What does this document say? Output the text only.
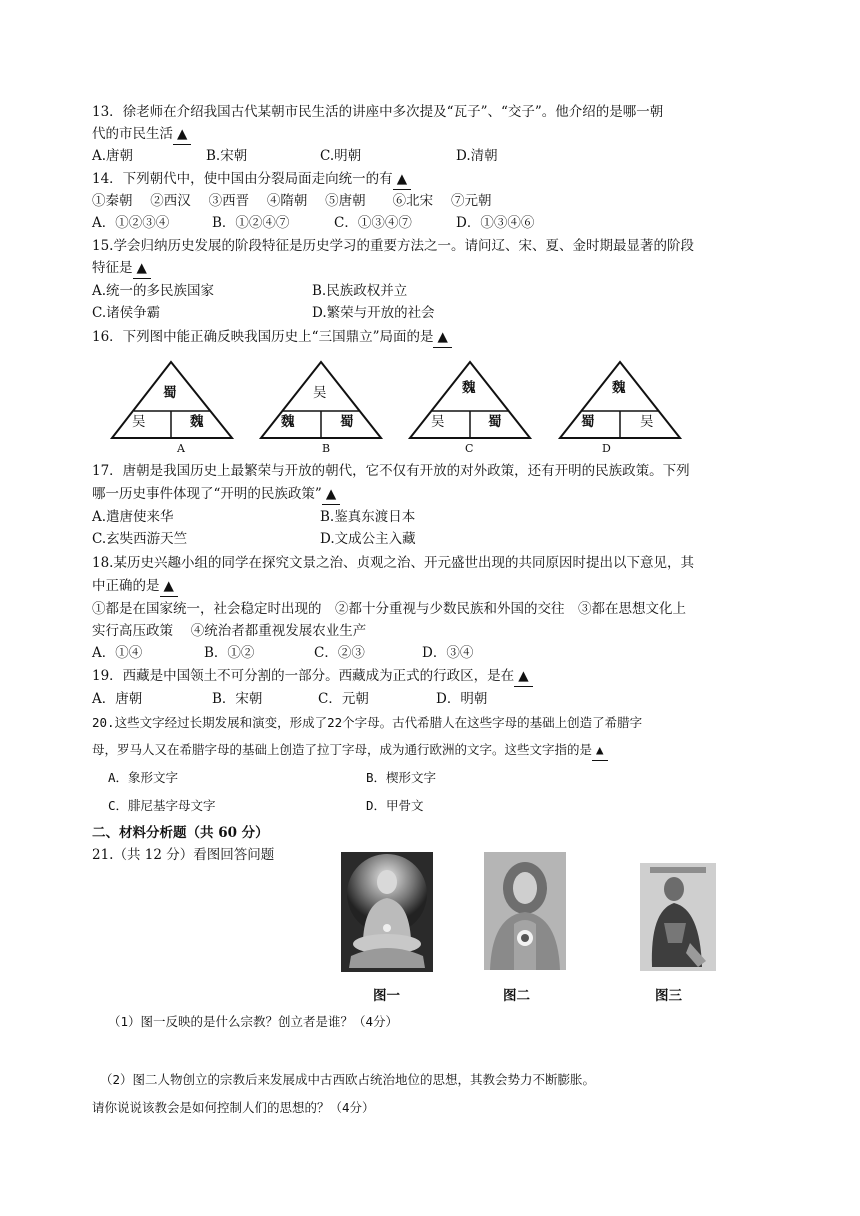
13．徐老师在介绍我国古代某朝市民生活的讲座中多次提及“瓦子”、“交子”。他介绍的是哪一朝
代的市民生活 ▲
A.唐朝	B.宋朝	C.明朝	D.清朝
14．下列朝代中，使中国由分裂局面走向统一的有 ▲
①秦朝　 ②西汉　 ③西晋　 ④隋朝　 ⑤唐朝　　⑥北宋　 ⑦元朝
A．①②③④	B．①②④⑦	C．①③④⑦	D．①③④⑥
15.学会归纳历史发展的阶段特征是历史学习的重要方法之一。请问辽、宋、夏、金时期最显著的阶段
特征是 ▲
A.统一的多民族国家	B.民族政权并立
C.诸侯争霸	D.繁荣与开放的社会
16．下列图中能正确反映我国历史上“三国鼎立”局面的是 ▲
蜀
吴	魏
A
吴
魏	蜀
B
魏
吴	蜀
C
魏
蜀	吴
D
17．唐朝是我国历史上最繁荣与开放的朝代，它不仅有开放的对外政策，还有开明的民族政策。下列
哪一历史事件体现了“开明的民族政策” ▲
A.遣唐使来华	B.鉴真东渡日本
C.玄奘西游天竺	D.文成公主入藏
18.某历史兴趣小组的同学在探究文景之治、贞观之治、开元盛世出现的共同原因时提出以下意见，其
中正确的是 ▲
①都是在国家统一，社会稳定时出现的　②都十分重视与少数民族和外国的交往　③都在思想文化上
实行高压政策　 ④统治者都重视发展农业生产
A．①④	B．①②	C．②③	D．③④
19．西藏是中国领土不可分割的一部分。西藏成为正式的行政区，是在 ▲
A．唐朝	B．宋朝	C．元朝	D．明朝
20.这些文字经过长期发展和演变，形成了22个字母。古代希腊人在这些字母的基础上创造了希腊字
母，罗马人又在希腊字母的基础上创造了拉丁字母，成为通行欧洲的文字。这些文字指的是 ▲
A．象形文字	B．楔形文字
C．腓尼基字母文字	D．甲骨文
二、材料分析题（共 60 分）
21.（共 12 分）看图回答问题
图一	图二	图三
（1）图一反映的是什么宗教？创立者是谁？（4分）
（2）图二人物创立的宗教后来发展成中古西欧占统治地位的思想，其教会势力不断膨胀。
请你说说该教会是如何控制人们的思想的？（4分）
